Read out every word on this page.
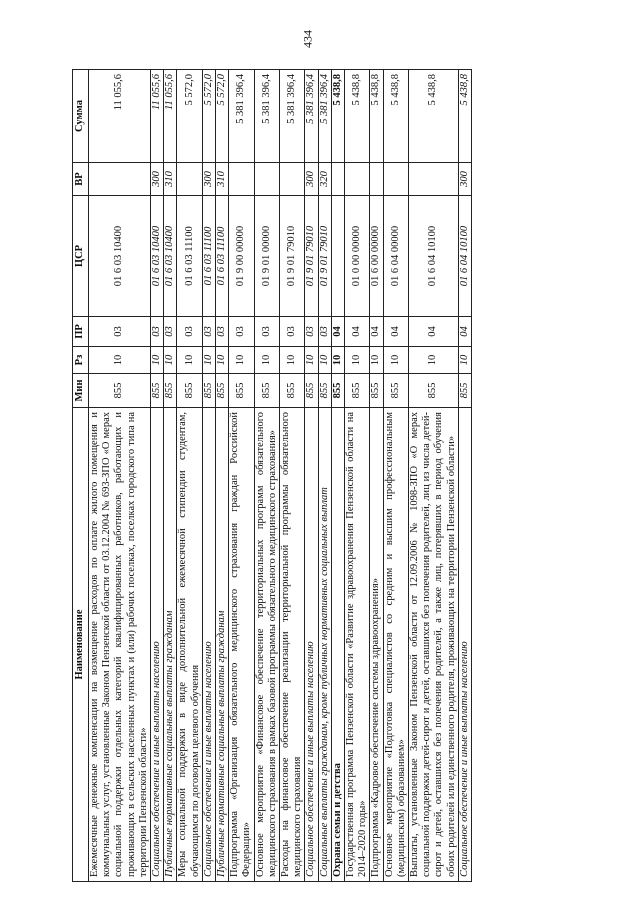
434
Наименование	Мин	Рз	ПР	ЦСР	ВР	Сумма
Ежемесячные денежные компенсации на возмещение расходов по оплате жилого помещения и коммунальных услуг, установленные Законом Пензенской области от 03.12.2004 № 693-ЗПО «О мерах социальной поддержки отдельных категорий квалифицированных работников, работающих и проживающих в сельских населенных пунктах и (или) рабочих поселках, поселках городского типа на территории Пензенской области»	855	10	03	01 6 03 10400		11 055,6
Социальное обеспечение и иные выплаты населению	855	10	03	01 6 03 10400	300	11 055,6
Публичные нормативные социальные выплаты гражданам	855	10	03	01 6 03 10400	310	11 055,6
Меры социальной поддержки в виде дополнительной ежемесячной стипендии студентам, обучающимся по договорам целевого обучения	855	10	03	01 6 03 11100		5 572,0
Социальное обеспечение и иные выплаты населению	855	10	03	01 6 03 11100	300	5 572,0
Публичные нормативные социальные выплаты гражданам	855	10	03	01 6 03 11100	310	5 572,0
Подпрограмма «Организация обязательного медицинского страхования граждан Российской Федерации»	855	10	03	01 9 00 00000		5 381 396,4
Основное мероприятие «Финансовое обеспечение территориальных программ обязательного медицинского страхования в рамках базовой программы обязательного медицинского страхования»	855	10	03	01 9 01 00000		5 381 396,4
Расходы на финансовое обеспечение реализации территориальной программы обязательного медицинского страхования	855	10	03	01 9 01 79010		5 381 396,4
Социальное обеспечение и иные выплаты населению	855	10	03	01 9 01 79010	300	5 381 396,4
Социальные выплаты гражданам, кроме публичных нормативных социальных выплат	855	10	03	01 9 01 79010	320	5 381 396,4
Охрана семьи и детства	855	10	04			5 438,8
Государственная программа Пензенской области «Развитие здравоохранения Пензенской области на 2014–2020 годы»	855	10	04	01 0 00 00000		5 438,8
Подпрограмма «Кадровое обеспечение системы здравоохранения»	855	10	04	01 6 00 00000		5 438,8
Основное мероприятие «Подготовка специалистов со средним и высшим профессиональным (медицинским) образованием»	855	10	04	01 6 04 00000		5 438,8
Выплаты, установленные Законом Пензенской области от 12.09.2006 № 1098-ЗПО «О мерах социальной поддержки детей-сирот и детей, оставшихся без попечения родителей, лиц из числа детей-сирот и детей, оставшихся без попечения родителей, а также лиц, потерявших в период обучения обоих родителей или единственного родителя, проживающих на территории Пензенской области»	855	10	04	01 6 04 10100		5 438,8
Социальное обеспечение и иные выплаты населению	855	10	04	01 6 04 10100	300	5 438,8
